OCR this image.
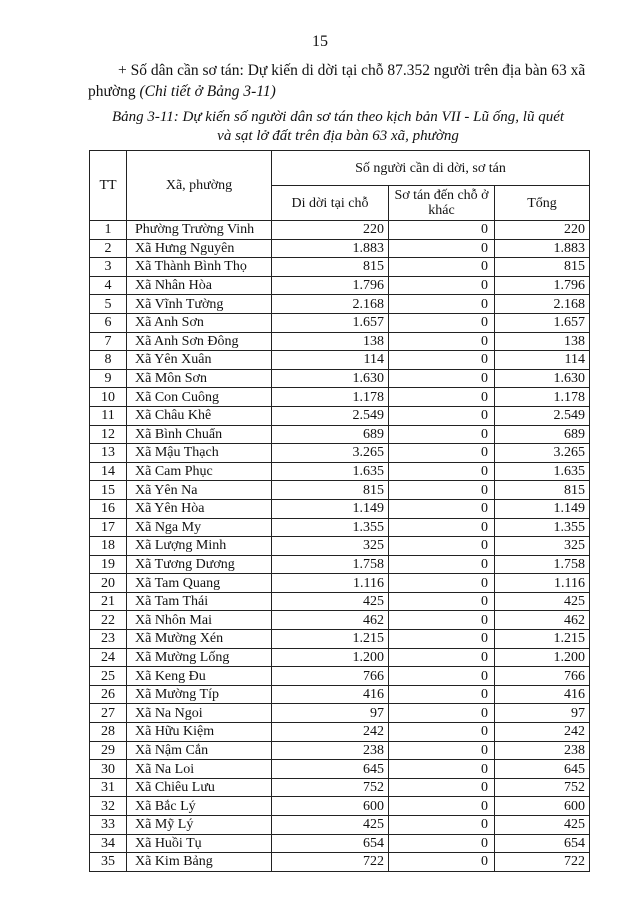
15
+ Số dân cần sơ tán: Dự kiến di dời tại chỗ 87.352 người trên địa bàn 63 xã
phường (Chi tiết ở Bảng 3-11)
Bảng 3-11: Dự kiến số người dân sơ tán theo kịch bản VII - Lũ ống, lũ quét
và sạt lở đất trên địa bàn 63 xã, phường
TT	Xã, phường	Số người cần di dời, sơ tán		
		Di dời tại chỗ	Sơ tán đến chỗ ở khác	Tổng
1	Phường Trường Vinh	220	0	220
2	Xã Hưng Nguyên	1.883	0	1.883
3	Xã Thành Bình Thọ	815	0	815
4	Xã Nhân Hòa	1.796	0	1.796
5	Xã Vĩnh Tường	2.168	0	2.168
6	Xã Anh Sơn	1.657	0	1.657
7	Xã Anh Sơn Đông	138	0	138
8	Xã Yên Xuân	114	0	114
9	Xã Môn Sơn	1.630	0	1.630
10	Xã Con Cuông	1.178	0	1.178
11	Xã Châu Khê	2.549	0	2.549
12	Xã Bình Chuẩn	689	0	689
13	Xã Mậu Thạch	3.265	0	3.265
14	Xã Cam Phục	1.635	0	1.635
15	Xã Yên Na	815	0	815
16	Xã Yên Hòa	1.149	0	1.149
17	Xã Nga My	1.355	0	1.355
18	Xã Lượng Minh	325	0	325
19	Xã Tương Dương	1.758	0	1.758
20	Xã Tam Quang	1.116	0	1.116
21	Xã Tam Thái	425	0	425
22	Xã Nhôn Mai	462	0	462
23	Xã Mường Xén	1.215	0	1.215
24	Xã Mường Lống	1.200	0	1.200
25	Xã Keng Đu	766	0	766
26	Xã Mường Típ	416	0	416
27	Xã Na Ngoi	97	0	97
28	Xã Hữu Kiệm	242	0	242
29	Xã Nậm Cắn	238	0	238
30	Xã Na Loi	645	0	645
31	Xã Chiêu Lưu	752	0	752
32	Xã Bắc Lý	600	0	600
33	Xã Mỹ Lý	425	0	425
34	Xã Huồi Tụ	654	0	654
35	Xã Kim Bảng	722	0	722
